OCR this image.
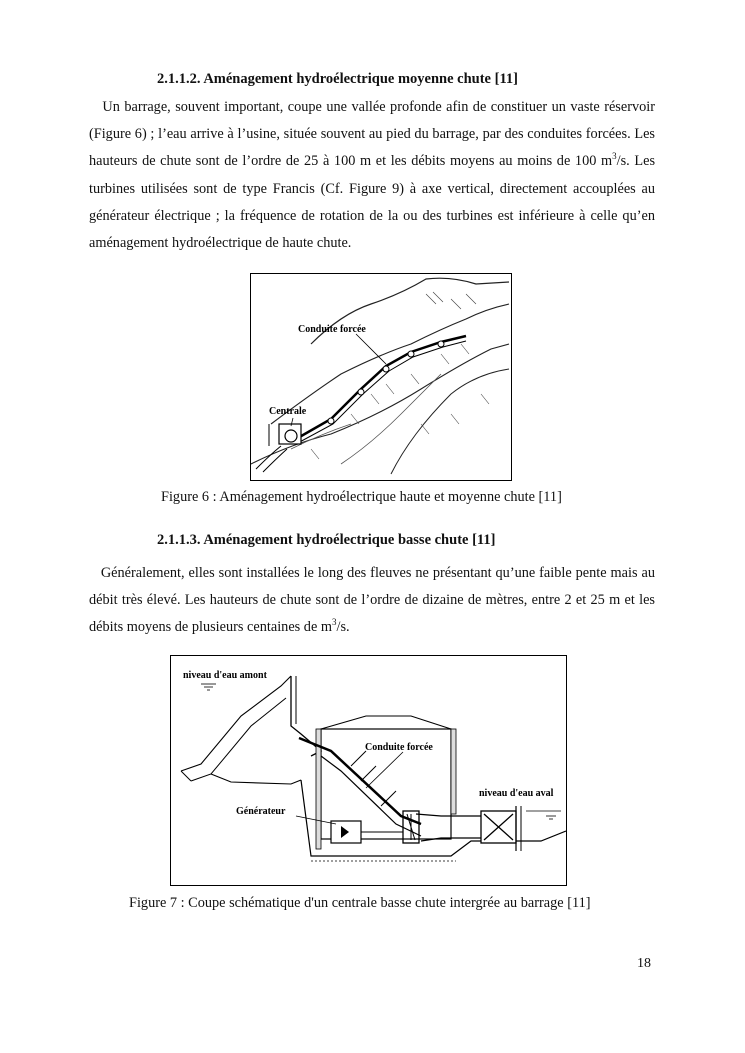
2.1.1.2. Aménagement hydroélectrique moyenne chute [11]

Un barrage, souvent important, coupe une vallée profonde afin de constituer un vaste réservoir (Figure 6) ; l’eau arrive à l’usine, située souvent au pied du barrage, par des conduites forcées. Les hauteurs de chute sont de l’ordre de 25 à 100 m et les débits moyens au moins de 100 $m^3/s$. Les turbines utilisées sont de type Francis (Cf. Figure 9) à axe vertical, directement accouplées au générateur électrique ; la fréquence de rotation de la ou des turbines est inférieure à celle qu’en aménagement hydroélectrique de haute chute.

Conduite forcée
Centrale
Figure 6 : Aménagement hydroélectrique haute et moyenne chute [11]
2.1.1.3. Aménagement hydroélectrique basse chute [11]

Généralement, elles sont installées le long des fleuves ne présentant qu’une faible pente mais au débit très élevé. Les hauteurs de chute sont de l’ordre de dizaine de mètres, entre 2 et 25 m et les débits moyens de plusieurs centaines de $m^3/s$.

niveau d'eau amont
Conduite forcée
niveau d'eau aval
Générateur
Figure 7 : Coupe schématique d'un centrale basse chute intergrée au barrage [11]
18
